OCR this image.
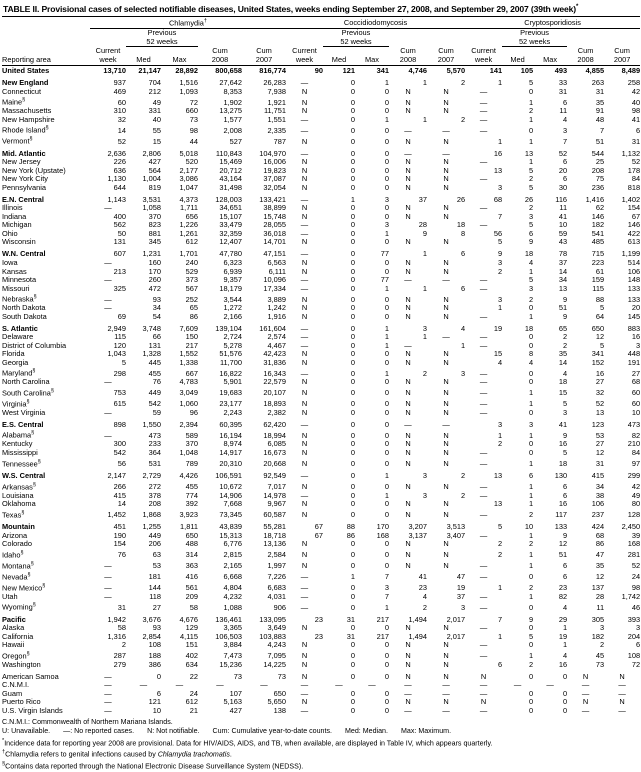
TABLE II. Provisional cases of selected notifiable diseases, United States, weeks ending September 27, 2008, and September 29, 2007 (39th week)*

	Chlamydia†					Coccidiodomycosis					Cryptosporidiosis				

		Previous

52 weeks					Previous

52 weeks					Previous

52 weeks			

	Current			Cum	Cum	Current			Cum	Cum	Current			Cum	Cum
Reporting area	week	Med	Max	2008	2007	week	Med	Max	2008	2007	week	Med	Max	2008	2007
United States	13,710	21,147	28,892	800,658	816,774	90	121	341	4,746	5,570	141	105	493	4,855	8,489
New England	937	704	1,516	27,642	26,283	—	0	1	1	2	1	5	33	263	258
Connecticut	469	212	1,093	8,353	7,938	N	0	0	N	N	—	0	31	31	42
Maine§	60	49	72	1,902	1,921	N	0	0	N	N	—	1	6	35	40
Massachusetts	310	331	660	13,275	11,751	N	0	0	N	N	—	2	11	91	98
New Hampshire	32	40	73	1,577	1,551	—	0	1	1	2	—	1	4	48	41
Rhode Island§	14	55	98	2,008	2,335	—	0	0	—	—	—	0	3	7	6
Vermont§	52	15	44	527	787	N	0	0	N	N	1	1	7	51	31
Mid. Atlantic	2,636	2,806	5,018	110,843	104,970	—	0	0	—	—	16	13	52	544	1,132
New Jersey	226	427	520	15,469	16,006	N	0	0	N	N	—	1	6	25	52
New York (Upstate)	636	564	2,177	20,712	19,823	N	0	0	N	N	13	5	20	208	178
New York City	1,130	1,004	3,086	43,164	37,087	N	0	0	N	N	—	2	6	75	84
Pennsylvania	644	819	1,047	31,498	32,054	N	0	0	N	N	3	5	30	236	818
E.N. Central	1,143	3,531	4,373	128,003	133,421	—	1	3	37	26	68	26	116	1,416	1,402
Illinois	—	1,058	1,711	34,651	38,899	N	0	0	N	N	—	2	11	62	154
Indiana	400	370	656	15,107	15,748	N	0	0	N	N	7	3	41	146	67
Michigan	562	823	1,226	33,479	28,055	—	0	3	28	18	—	5	10	182	146
Ohio	50	881	1,261	32,359	36,018	—	0	1	9	8	56	6	59	541	422
Wisconsin	131	345	612	12,407	14,701	N	0	0	N	N	5	9	43	485	613
W.N. Central	607	1,231	1,701	47,780	47,151	—	0	77	1	6	9	18	78	715	1,199
Iowa	—	160	240	6,323	6,563	N	0	0	N	N	3	4	37	223	514
Kansas	213	170	529	6,939	6,111	N	0	0	N	N	2	1	14	61	106
Minnesota	—	260	373	9,357	10,096	—	0	77	—	—	—	5	34	159	148
Missouri	325	472	567	18,179	17,334	—	0	1	1	6	—	3	13	115	133
Nebraska§	—	93	252	3,544	3,889	N	0	0	N	N	3	2	9	88	133
North Dakota	—	34	65	1,272	1,242	N	0	0	N	N	1	0	51	5	20
South Dakota	69	54	86	2,166	1,916	N	0	0	N	N	—	1	9	64	145
S. Atlantic	2,949	3,748	7,609	139,104	161,604	—	0	1	3	4	19	18	65	650	883
Delaware	115	66	150	2,724	2,574	—	0	1	1	—	—	0	2	12	16
District of Columbia	120	131	217	5,278	4,467	—	0	1	—	1	—	0	2	5	3
Florida	1,043	1,328	1,552	51,576	42,423	N	0	0	N	N	15	8	35	341	448
Georgia	5	445	1,338	11,700	31,836	N	0	0	N	N	4	4	14	152	191
Maryland§	298	455	667	16,822	16,343	—	0	1	2	3	—	0	4	16	27
North Carolina	—	76	4,783	5,901	22,579	N	0	0	N	N	—	0	18	27	68
South Carolina§	753	449	3,049	19,683	20,107	N	0	0	N	N	—	1	15	32	60
Virginia§	615	542	1,060	23,177	18,893	N	0	0	N	N	—	1	5	52	60
West Virginia	—	59	96	2,243	2,382	N	0	0	N	N	—	0	3	13	10
E.S. Central	898	1,550	2,394	60,395	62,420	—	0	0	—	—	3	3	41	123	473
Alabama§	—	473	589	16,194	18,994	N	0	0	N	N	1	1	9	53	82
Kentucky	300	233	370	8,974	6,085	N	0	0	N	N	2	0	16	27	210
Mississippi	542	364	1,048	14,917	16,673	N	0	0	N	N	—	0	5	12	84
Tennessee§	56	531	789	20,310	20,668	N	0	0	N	N	—	1	18	31	97
W.S. Central	2,147	2,729	4,426	106,591	92,549	—	0	1	3	2	13	6	130	415	299
Arkansas§	266	272	455	10,672	7,017	N	0	0	N	N	—	1	6	34	42
Louisiana	415	378	774	14,906	14,978	—	0	1	3	2	—	1	6	38	49
Oklahoma	14	208	392	7,668	9,967	N	0	0	N	N	13	1	16	106	80
Texas§	1,452	1,868	3,923	73,345	60,587	N	0	0	N	N	—	2	117	237	128
Mountain	451	1,255	1,811	43,839	55,281	67	88	170	3,207	3,513	5	10	133	424	2,450
Arizona	190	449	650	15,313	18,718	67	86	168	3,137	3,407	—	1	9	68	39
Colorado	154	206	488	6,776	13,136	N	0	0	N	N	2	2	12	86	168
Idaho§	76	63	314	2,815	2,584	N	0	0	N	N	2	1	51	47	281
Montana§	—	53	363	2,165	1,997	N	0	0	N	N	—	1	6	35	52
Nevada§	—	181	416	6,668	7,226	—	1	7	41	47	—	0	6	12	24
New Mexico§	—	144	561	4,804	6,683	—	0	3	23	19	1	2	23	137	98
Utah	—	118	209	4,232	4,031	—	0	7	4	37	—	1	82	28	1,742
Wyoming§	31	27	58	1,088	906	—	0	1	2	3	—	0	4	11	46
Pacific	1,942	3,676	4,676	136,461	133,095	23	31	217	1,494	2,017	7	9	29	305	393
Alaska	58	93	129	3,365	3,649	N	0	0	N	N	—	0	1	3	3
California	1,316	2,854	4,115	106,503	103,883	23	31	217	1,494	2,017	1	5	19	182	204
Hawaii	2	108	151	3,884	4,243	N	0	0	N	N	—	0	1	2	6
Oregon§	287	188	402	7,473	7,095	N	0	0	N	N	—	1	4	45	108
Washington	279	386	634	15,236	14,225	N	0	0	N	N	6	2	16	73	72
American Samoa	—	0	22	73	73	N	0	0	N	N	N	0	0	N	N
C.N.M.I.	—	—	—	—	—	—	—	—	—	—	—	—	—	—	—
Guam	—	6	24	107	650	—	0	0	—	—	—	0	0	—	—
Puerto Rico	—	121	612	5,163	5,650	N	0	0	N	N	N	0	0	N	N
U.S. Virgin Islands	—	10	21	427	138	—	0	0	—	—	—	0	0	—	—
C.N.M.I.: Commonwealth of Northern Mariana Islands.
U: Unavailable. —: No reported cases. N: Not notifiable. Cum: Cumulative year-to-date counts. Med: Median. Max: Maximum.
*Incidence data for reporting year 2008 are provisional. Data for HIV/AIDS, AIDS, and TB, when available, are displayed in Table IV, which appears quarterly.
†Chlamydia refers to genital infections caused by Chlamydia trachomatis.
§Contains data reported through the National Electronic Disease Surveillance System (NEDSS).
